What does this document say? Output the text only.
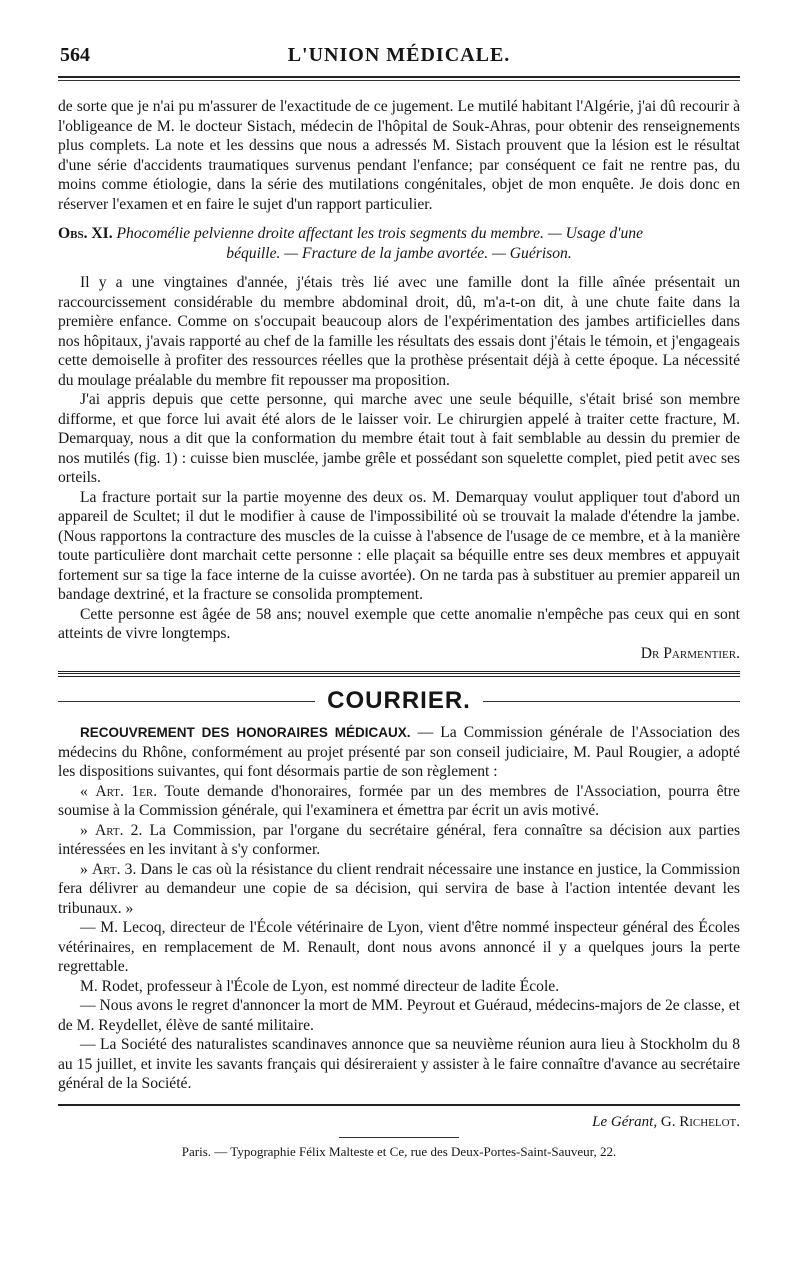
564	L'UNION MÉDICALE.

de sorte que je n'ai pu m'assurer de l'exactitude de ce jugement. Le mutilé habitant l'Algérie, j'ai dû recourir à l'obligeance de M. le docteur Sistach, médecin de l'hôpital de Souk-Ahras, pour obtenir des renseignements plus complets. La note et les dessins que nous a adressés M. Sistach prouvent que la lésion est le résultat d'une série d'accidents traumatiques survenus pendant l'enfance; par conséquent ce fait ne rentre pas, du moins comme étiologie, dans la série des mutilations congénitales, objet de mon enquête. Je dois donc en réserver l'examen et en faire le sujet d'un rapport particulier.

Obs. XI. Phocomélie pelvienne droite affectant les trois segments du membre. — Usage d'une
béquille. — Fracture de la jambe avortée. — Guérison.

Il y a une vingtaines d'année, j'étais très lié avec une famille dont la fille aînée présentait un raccourcissement considérable du membre abdominal droit, dû, m'a-t-on dit, à une chute faite dans la première enfance. Comme on s'occupait beaucoup alors de l'expérimentation des jambes artificielles dans nos hôpitaux, j'avais rapporté au chef de la famille les résultats des essais dont j'étais le témoin, et j'engageais cette demoiselle à profiter des ressources réelles que la prothèse présentait déjà à cette époque. La nécessité du moulage préalable du membre fit repousser ma proposition.

J'ai appris depuis que cette personne, qui marche avec une seule béquille, s'était brisé son membre difforme, et que force lui avait été alors de le laisser voir. Le chirurgien appelé à traiter cette fracture, M. Demarquay, nous a dit que la conformation du membre était tout à fait semblable au dessin du premier de nos mutilés (fig. 1) : cuisse bien musclée, jambe grêle et possédant son squelette complet, pied petit avec ses orteils.

La fracture portait sur la partie moyenne des deux os. M. Demarquay voulut appliquer tout d'abord un appareil de Scultet; il dut le modifier à cause de l'impossibilité où se trouvait la malade d'étendre la jambe. (Nous rapportons la contracture des muscles de la cuisse à l'absence de l'usage de ce membre, et à la manière toute particulière dont marchait cette personne : elle plaçait sa béquille entre ses deux membres et appuyait fortement sur sa tige la face interne de la cuisse avortée). On ne tarda pas à substituer au premier appareil un bandage dextriné, et la fracture se consolida promptement.

Cette personne est âgée de 58 ans; nouvel exemple que cette anomalie n'empêche pas ceux qui en sont atteints de vivre longtemps.

Dr Parmentier.
COURRIER.

RECOUVREMENT DES HONORAIRES MÉDICAUX. — La Commission générale de l'Association des médecins du Rhône, conformément au projet présenté par son conseil judiciaire, M. Paul Rougier, a adopté les dispositions suivantes, qui font désormais partie de son règlement :

« Art. 1er. Toute demande d'honoraires, formée par un des membres de l'Association, pourra être soumise à la Commission générale, qui l'examinera et émettra par écrit un avis motivé.

» Art. 2. La Commission, par l'organe du secrétaire général, fera connaître sa décision aux parties intéressées en les invitant à s'y conformer.

» Art. 3. Dans le cas où la résistance du client rendrait nécessaire une instance en justice, la Commission fera délivrer au demandeur une copie de sa décision, qui servira de base à l'action intentée devant les tribunaux. »

— M. Lecoq, directeur de l'École vétérinaire de Lyon, vient d'être nommé inspecteur général des Écoles vétérinaires, en remplacement de M. Renault, dont nous avons annoncé il y a quelques jours la perte regrettable.

M. Rodet, professeur à l'École de Lyon, est nommé directeur de ladite École.

— Nous avons le regret d'annoncer la mort de MM. Peyrout et Guéraud, médecins-majors de 2e classe, et de M. Reydellet, élève de santé militaire.

— La Société des naturalistes scandinaves annonce que sa neuvième réunion aura lieu à Stockholm du 8 au 15 juillet, et invite les savants français qui désireraient y assister à le faire connaître d'avance au secrétaire général de la Société.

Le Gérant, G. Richelot.
Paris. — Typographie Félix Malteste et Ce, rue des Deux-Portes-Saint-Sauveur, 22.
